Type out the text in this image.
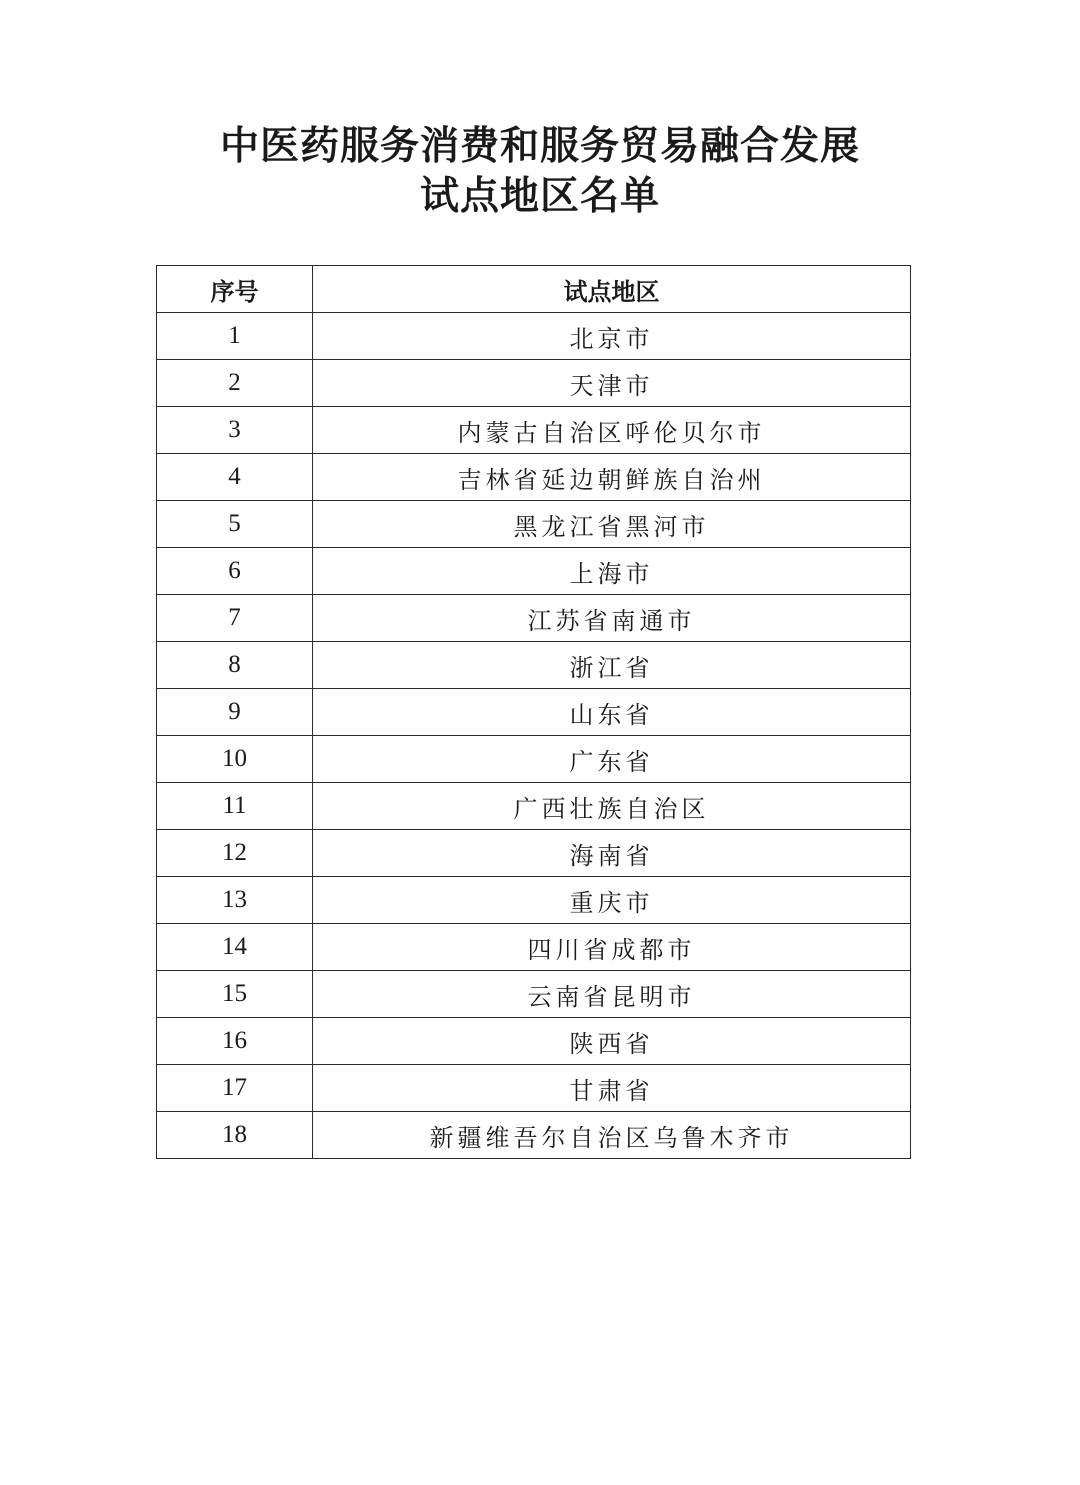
中医药服务消费和服务贸易融合发展
试点地区名单
序号	试点地区
1	北京市
2	天津市
3	内蒙古自治区呼伦贝尔市
4	吉林省延边朝鲜族自治州
5	黑龙江省黑河市
6	上海市
7	江苏省南通市
8	浙江省
9	山东省
10	广东省
11	广西壮族自治区
12	海南省
13	重庆市
14	四川省成都市
15	云南省昆明市
16	陕西省
17	甘肃省
18	新疆维吾尔自治区乌鲁木齐市
